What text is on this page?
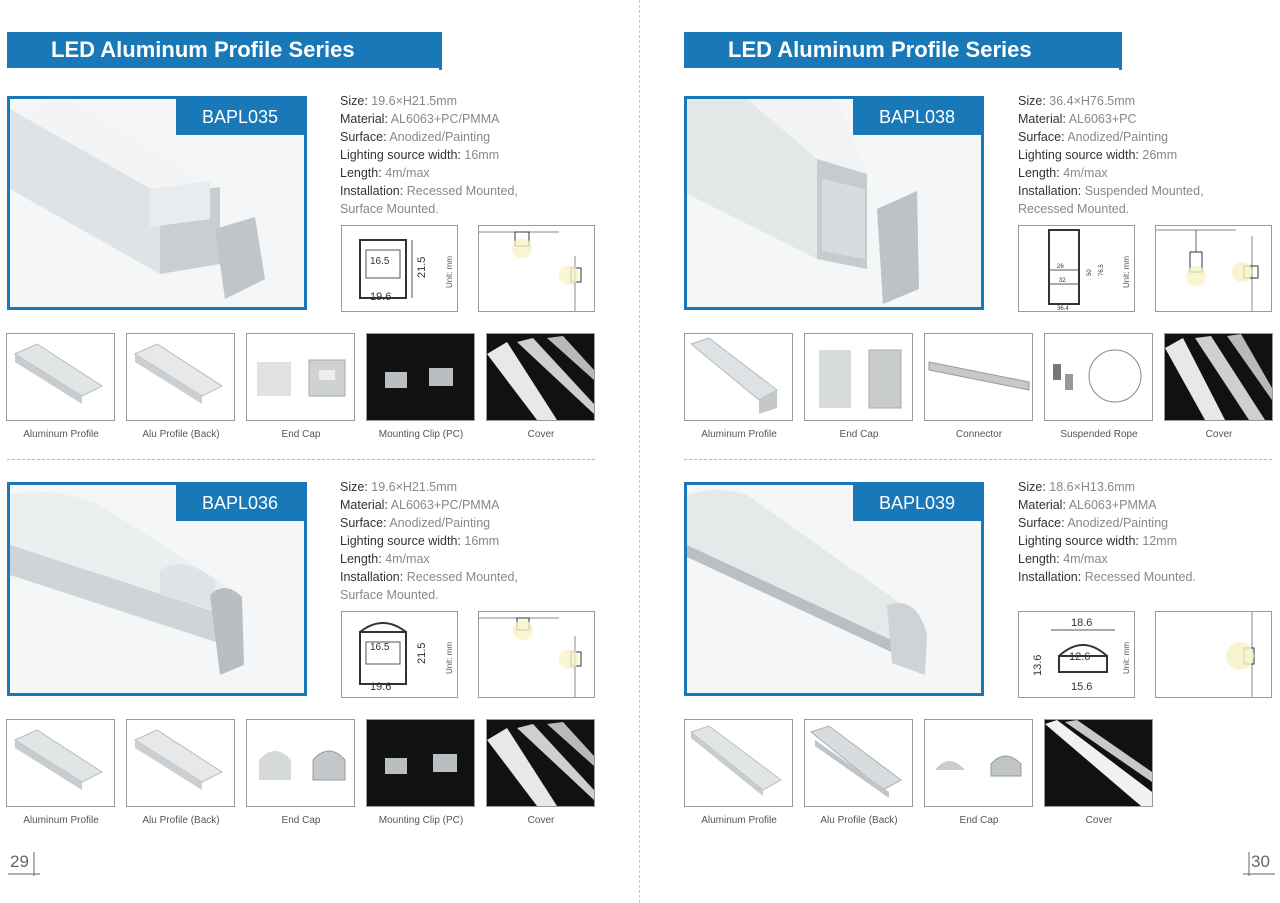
LED Aluminum Profile Series
BAPL035
Size: 19.6×H21.5mm
Material: AL6063+PC/PMMA
Surface: Anodized/Painting
Lighting source width: 16mm
Length: 4m/max
Installation: Recessed Mounted,
Surface Mounted.
16.5 21.5
19.6
Unit: mm
Aluminum Profile	Alu Profile (Back)	End Cap	Mounting Clip (PC)	Cover
BAPL036
Size: 19.6×H21.5mm
Material: AL6063+PC/PMMA
Surface: Anodized/Painting
Lighting source width: 16mm
Length: 4m/max
Installation: Recessed Mounted,
Surface Mounted.
16.5 21.5
19.6
Unit: mm
Aluminum Profile	Alu Profile (Back)	End Cap	Mounting Clip (PC)	Cover
29
LED Aluminum Profile Series
BAPL038
Size: 36.4×H76.5mm
Material: AL6063+PC
Surface: Anodized/Painting
Lighting source width: 26mm
Length: 4m/max
Installation: Suspended Mounted,
Recessed Mounted.
26
32
50 76.5
36.4
Unit: mm
Aluminum Profile	End Cap	Connector	Suspended Rope	Cover
BAPL039
Size: 18.6×H13.6mm
Material: AL6063+PMMA
Surface: Anodized/Painting
Lighting source width: 12mm
Length: 4m/max
Installation: Recessed Mounted.
18.6
13.6 12.6
15.6
Unit: mm
Aluminum Profile	Alu Profile (Back)	End Cap	Cover
30
